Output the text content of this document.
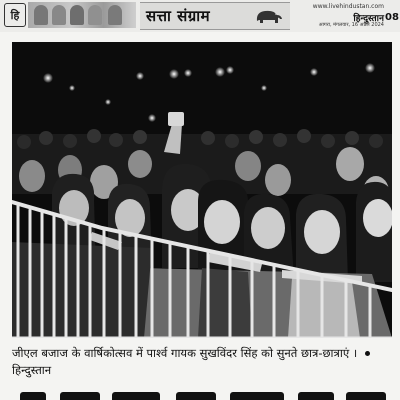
हि	सत्ता संग्राम
www.livehindustan.com
हिन्दुस्तान
आगरा, मंगलवार, 16 अप्रैल 2024
08
जीएल बजाज के वार्षिकोत्सव में पार्श्व गायक सुखविंदर सिंह को सुनते छात्र-छात्राएं । हिन्दुस्तान
